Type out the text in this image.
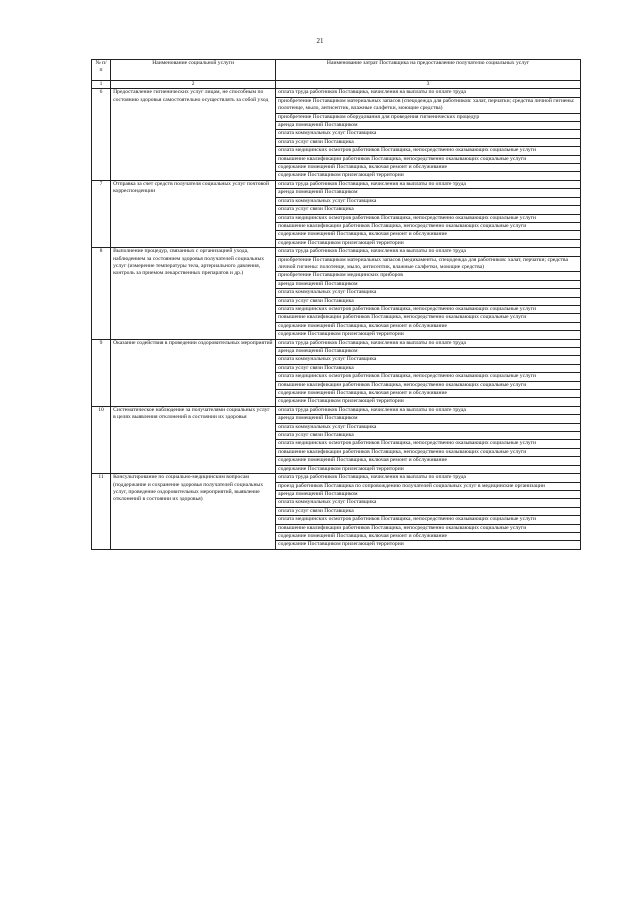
21
№ п/п	Наименование социальной услуги	Наименование затрат Поставщика на предоставление получателю социальных услуг
1	2	3
6	Предоставление гигиенических услуг лицам, не способным по состоянию здоровья самостоятельно осуществлять за собой уход	оплата труда работников Поставщика, начисления на выплаты по оплате труда
		приобретение Поставщиком материальных запасов (спецодежда для работников: халат, перчатки; средства личной гигиены: полотенце, мыло, антисептик, влажные салфетки, моющие средства)
		приобретение Поставщиком оборудования для проведения гигиенических процедур
		аренда помещений Поставщиком
		оплата коммунальных услуг Поставщика
		оплата услуг связи Поставщика
		оплата медицинских осмотров работников Поставщика, непосредственно оказывающих социальные услуги
		повышение квалификации работников Поставщика, непосредственно оказывающих социальные услуги
		содержание помещений Поставщика, включая ремонт и обслуживание
		содержание Поставщиком прилегающей территории
7	Отправка за счет средств получателя социальных услуг почтовой корреспонденции	оплата труда работников Поставщика, начисления на выплаты по оплате труда
		аренда помещений Поставщиком
		оплата коммунальных услуг Поставщика
		оплата услуг связи Поставщика
		оплата медицинских осмотров работников Поставщика, непосредственно оказывающих социальные услуги
		повышение квалификации работников Поставщика, непосредственно оказывающих социальные услуги
		содержание помещений Поставщика, включая ремонт и обслуживание
		содержание Поставщиком прилегающей территории
8	Выполнение процедур, связанных с организацией ухода, наблюдением за состоянием здоровья получателей социальных услуг (измерение температуры тела, артериального давления, контроль за приемом лекарственных препаратов и др.)	оплата труда работников Поставщика, начисления на выплаты по оплате труда
		приобретение Поставщиком материальных запасов (медикаменты, спецодежда для работников: халат, перчатки; средства личной гигиены: полотенце, мыло, антисептик, влажные салфетки, моющие средства)
		приобретение Поставщиком медицинских приборов
		аренда помещений Поставщиком
		оплата коммунальных услуг Поставщика
		оплата услуг связи Поставщика
		оплата медицинских осмотров работников Поставщика, непосредственно оказывающих социальные услуги
		повышение квалификации работников Поставщика, непосредственно оказывающих социальные услуги
		содержание помещений Поставщика, включая ремонт и обслуживание
		содержание Поставщиком прилегающей территории
9	Оказание содействия в проведении оздоровительных мероприятий	оплата труда работников Поставщика, начисления на выплаты по оплате труда
		аренда помещений Поставщиком
		оплата коммунальных услуг Поставщика
		оплата услуг связи Поставщика
		оплата медицинских осмотров работников Поставщика, непосредственно оказывающих социальные услуги
		повышение квалификации работников Поставщика, непосредственно оказывающих социальные услуги
		содержание помещений Поставщика, включая ремонт и обслуживание
		содержание Поставщиком прилегающей территории
10	Систематическое наблюдение за получателями социальных услуг в целях выявления отклонений в состоянии их здоровья	оплата труда работников Поставщика, начисления на выплаты по оплате труда
		аренда помещений Поставщиком
		оплата коммунальных услуг Поставщика
		оплата услуг связи Поставщика
		оплата медицинских осмотров работников Поставщика, непосредственно оказывающих социальные услуги
		повышение квалификации работников Поставщика, непосредственно оказывающих социальные услуги
		содержание помещений Поставщика, включая ремонт и обслуживание
		содержание Поставщиком прилегающей территории
11	Консультирование по социально-медицинским вопросам (поддержание и сохранение здоровья получателей социальных услуг, проведение оздоровительных мероприятий, выявление отклонений в состоянии их здоровья)	оплата труда работников Поставщика, начисления на выплаты по оплате труда
		проезд работников Поставщика по сопровождению получателей социальных услуг в медицинские организации
		аренда помещений Поставщиком
		оплата коммунальных услуг Поставщика
		оплата услуг связи Поставщика
		оплата медицинских осмотров работников Поставщика, непосредственно оказывающих социальные услуги
		повышение квалификации работников Поставщика, непосредственно оказывающих социальные услуги
		содержание помещений Поставщика, включая ремонт и обслуживание
		содержание Поставщиком прилегающей территории
